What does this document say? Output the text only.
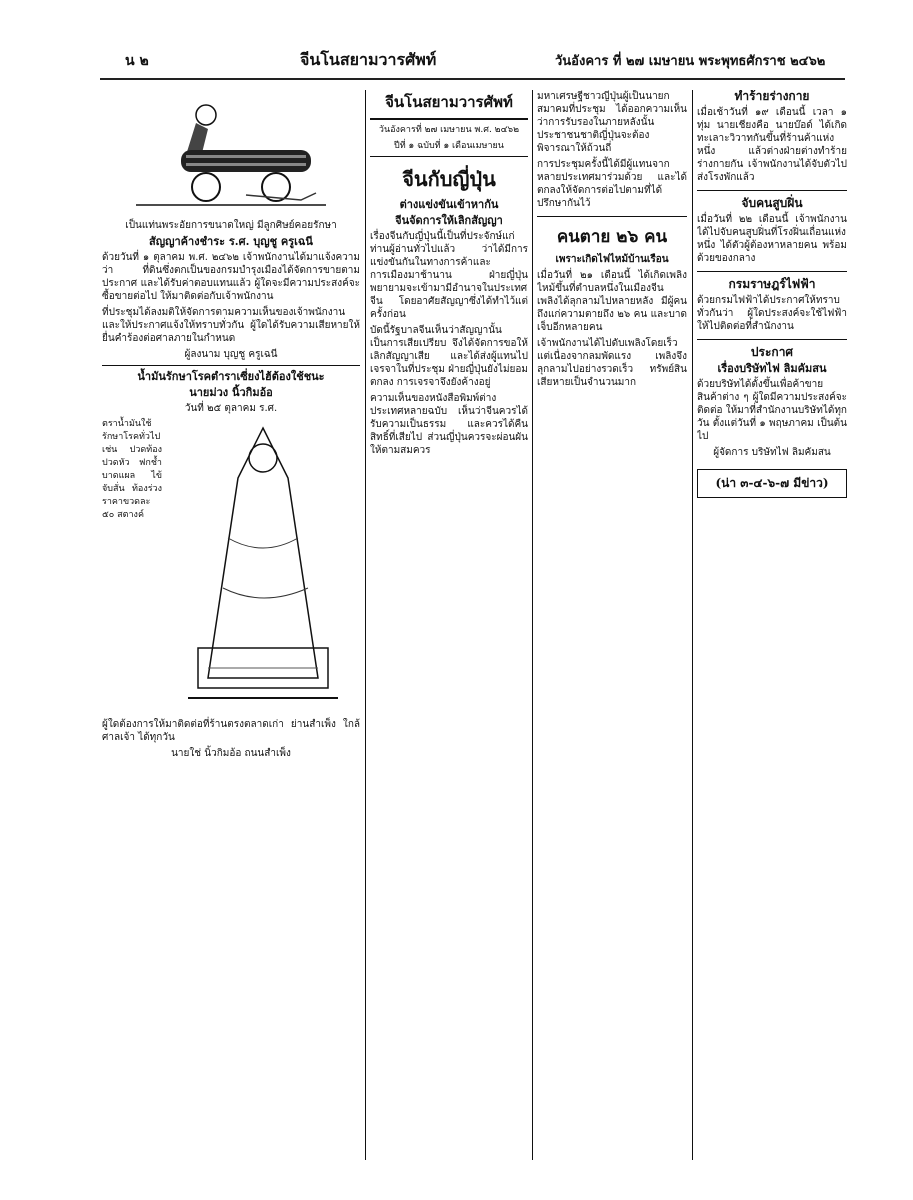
น ๒	จีนโนสยามวารศัพท์	วันอังคาร ที่ ๒๗ เมษายน พระพุทธศักราช ๒๔๖๒

เป็นแท่นพระอัยการขนาดใหญ่ มีลูกศิษย์คอยรักษา

สัญญาค้างชำระ ร.ศ. บุญชู ครูเฉนี

ด้วยวันที่ ๑ ตุลาคม พ.ศ. ๒๔๖๒ เจ้าพนักงานได้มาแจ้งความว่า ที่ดินซึ่งตกเป็นของกรมบำรุงเมืองได้จัดการขายตามประกาศ และได้รับค่าตอบแทนแล้ว ผู้ใดจะมีความประสงค์จะซื้อขายต่อไป ให้มาติดต่อกับเจ้าพนักงาน

ที่ประชุมได้ลงมติให้จัดการตามความเห็นของเจ้าพนักงาน และให้ประกาศแจ้งให้ทราบทั่วกัน ผู้ใดได้รับความเสียหายให้ยื่นคำร้องต่อศาลภายในกำหนด

ผู้ลงนาม บุญชู ครูเฉนี

น้ำมันรักษาโรคตำราเซี่ยงไฮ้ต้องใช้ชนะ

นายม่วง นิ้วกิมอ้อ

วันที่ ๒๕ ตุลาคม ร.ศ.

ตราน้ำมันใช้รักษาโรคทั่วไป เช่น ปวดท้อง ปวดหัว ฟกช้ำ บาดแผล ไข้จับสั่น ท้องร่วง ราคาขวดละ ๕๐ สตางค์

ผู้ใดต้องการให้มาติดต่อที่ร้านตรงตลาดเก่า ย่านสำเพ็ง ใกล้ศาลเจ้า ได้ทุกวัน

นายใช่ นิ้วกิมอ้อ ถนนสำเพ็ง

จีนโนสยามวารศัพท์

วันอังคารที่ ๒๗ เมษายน พ.ศ. ๒๔๖๒

ปีที่ ๑ ฉบับที่ ๑ เดือนเมษายน

จีนกับญี่ปุ่น

ต่างแข่งขันเข้าหากัน

จีนจัดการให้เลิกสัญญา

เรื่องจีนกับญี่ปุ่นนี้เป็นที่ประจักษ์แก่ท่านผู้อ่านทั่วไปแล้ว ว่าได้มีการแข่งขันกันในทางการค้าและการเมืองมาช้านาน ฝ่ายญี่ปุ่นพยายามจะเข้ามามีอำนาจในประเทศจีน โดยอาศัยสัญญาซึ่งได้ทำไว้แต่ครั้งก่อน

บัดนี้รัฐบาลจีนเห็นว่าสัญญานั้นเป็นการเสียเปรียบ จึงได้จัดการขอให้เลิกสัญญาเสีย และได้ส่งผู้แทนไปเจรจาในที่ประชุม ฝ่ายญี่ปุ่นยังไม่ยอมตกลง การเจรจาจึงยังค้างอยู่

ความเห็นของหนังสือพิมพ์ต่างประเทศหลายฉบับ เห็นว่าจีนควรได้รับความเป็นธรรม และควรได้คืนสิทธิ์ที่เสียไป ส่วนญี่ปุ่นควรจะผ่อนผันให้ตามสมควร

มหาเศรษฐีชาวญี่ปุ่นผู้เป็นนายกสมาคมที่ประชุม ได้ออกความเห็นว่าการรับรองในภายหลังนั้น ประชาชนชาติญี่ปุ่นจะต้องพิจารณาให้ถ้วนถี่

การประชุมครั้งนี้ได้มีผู้แทนจากหลายประเทศมาร่วมด้วย และได้ตกลงให้จัดการต่อไปตามที่ได้ปรึกษากันไว้

คนตาย ๒๖ คน

เพราะเกิดไฟไหม้บ้านเรือน

เมื่อวันที่ ๒๑ เดือนนี้ ได้เกิดเพลิงไหม้ขึ้นที่ตำบลหนึ่งในเมืองจีน เพลิงได้ลุกลามไปหลายหลัง มีผู้คนถึงแก่ความตายถึง ๒๖ คน และบาดเจ็บอีกหลายคน

เจ้าพนักงานได้ไปดับเพลิงโดยเร็ว แต่เนื่องจากลมพัดแรง เพลิงจึงลุกลามไปอย่างรวดเร็ว ทรัพย์สินเสียหายเป็นจำนวนมาก

ทำร้ายร่างกาย

เมื่อเช้าวันที่ ๑๙ เดือนนี้ เวลา ๑ ทุ่ม นายเชียงคือ นายบ๊อด์ ได้เกิดทะเลาะวิวาทกันขึ้นที่ร้านค้าแห่งหนึ่ง แล้วต่างฝ่ายต่างทำร้ายร่างกายกัน เจ้าพนักงานได้จับตัวไปส่งโรงพักแล้ว

จับคนสูบฝิ่น

เมื่อวันที่ ๒๒ เดือนนี้ เจ้าพนักงานได้ไปจับคนสูบฝิ่นที่โรงฝิ่นเถื่อนแห่งหนึ่ง ได้ตัวผู้ต้องหาหลายคน พร้อมด้วยของกลาง

กรมราษฎร์ไฟฟ้า

ด้วยกรมไฟฟ้าได้ประกาศให้ทราบทั่วกันว่า ผู้ใดประสงค์จะใช้ไฟฟ้าให้ไปติดต่อที่สำนักงาน

ประกาศ

เรื่องบริษัทไฟ ลิมคัมสน

ด้วยบริษัทได้ตั้งขึ้นเพื่อค้าขายสินค้าต่าง ๆ ผู้ใดมีความประสงค์จะติดต่อ ให้มาที่สำนักงานบริษัทได้ทุกวัน ตั้งแต่วันที่ ๑ พฤษภาคม เป็นต้นไป

ผู้จัดการ บริษัทไฟ ลิมคัมสน

(น่า ๓-๔-๖-๗ มีข่าว)
